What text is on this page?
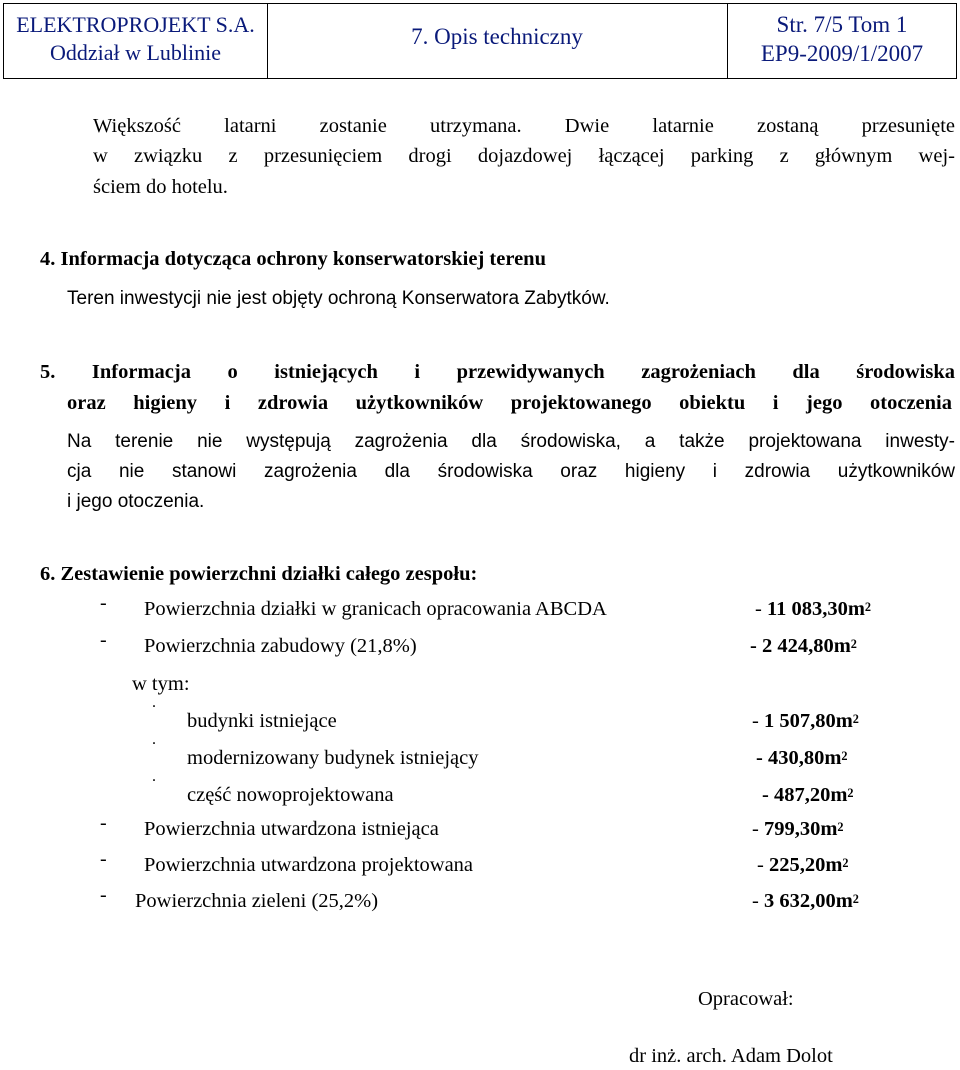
ELEKTROPROJEKT S.A.
Oddział w Lublinie
7. Opis techniczny	Str. 7/5 Tom 1
EP9-2009/1/2007
Większość latarni zostanie utrzymana. Dwie latarnie zostaną przesunięte
w związku z przesunięciem drogi dojazdowej łączącej parking z głównym wej-
ściem do hotelu.
4. Informacja dotycząca ochrony konserwatorskiej terenu
Teren inwestycji nie jest objęty ochroną Konserwatora Zabytków.
5. Informacja o istniejących i przewidywanych zagrożeniach dla środowiska
oraz higieny i zdrowia użytkowników projektowanego obiektu i jego otoczenia
Na terenie nie występują zagrożenia dla środowiska, a także projektowana inwesty-
cja nie stanowi zagrożenia dla środowiska oraz higieny i zdrowia użytkowników
i jego otoczenia.
6. Zestawienie powierzchni działki całego zespołu:
- Powierzchnia działki w granicach opracowania ABCDA	- 11 $083,30m^2$
- Powierzchnia zabudowy (21,8%)	- 2 $424,80m^2$
w tym:
.
budynki istniejące	- 1 $507,80m^2$
.
modernizowany budynek istniejący	- $430,80m^2$
.
część nowoprojektowana	- $487,20m^2$
- Powierzchnia utwardzona istniejąca	- $799,30m^2$
- Powierzchnia utwardzona projektowana	- $225,20m^2$
- Powierzchnia zieleni (25,2%)	- 3 $632,00m^2$
Opracował:
dr inż. arch. Adam Dolot
